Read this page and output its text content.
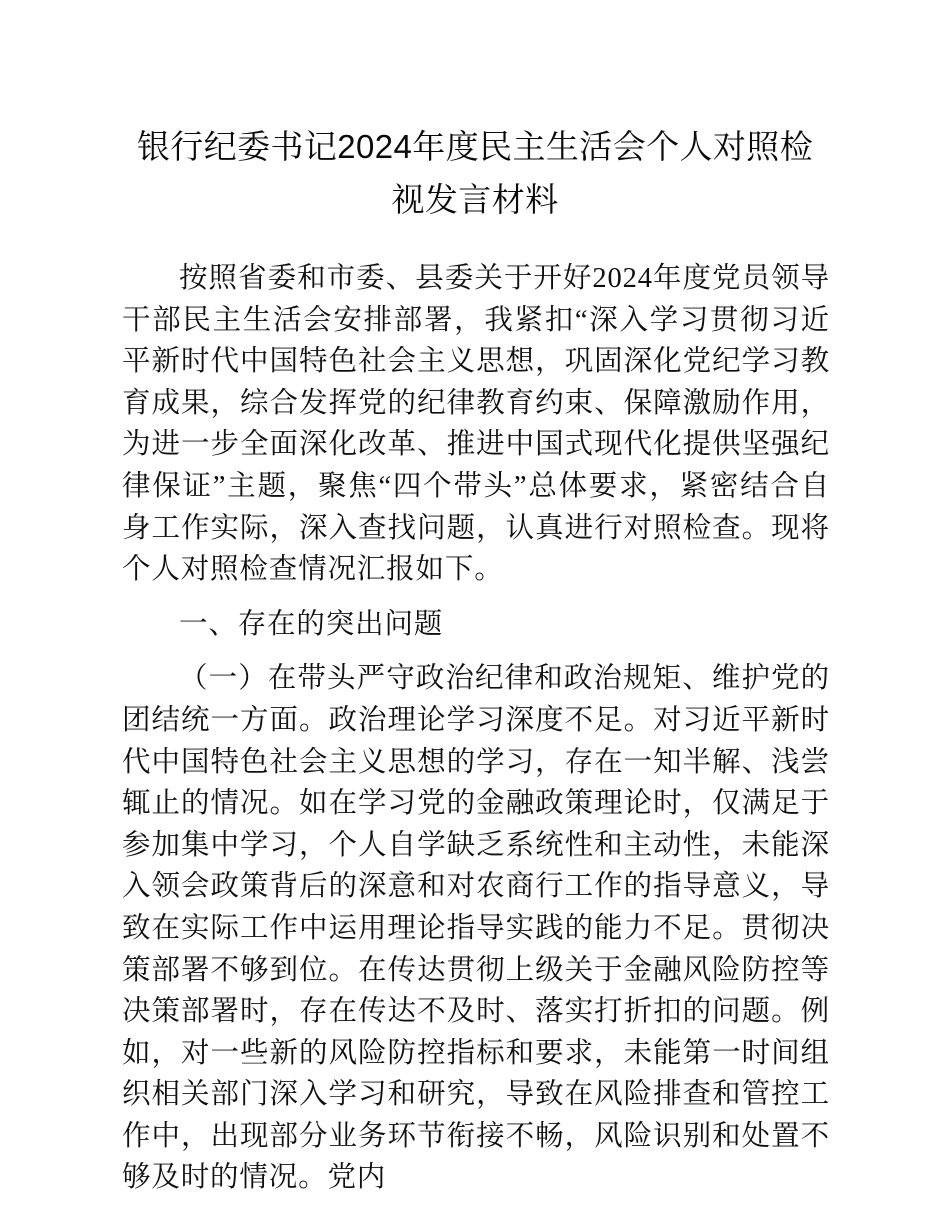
银行纪委书记2024年度民主生活会个人对照检视发言材料

按照省委和市委、县委关于开好2024年度党员领导干部民主生活会安排部署，我紧扣“深入学习贯彻习近平新时代中国特色社会主义思想，巩固深化党纪学习教育成果，综合发挥党的纪律教育约束、保障激励作用，为进一步全面深化改革、推进中国式现代化提供坚强纪律保证”主题，聚焦“四个带头”总体要求，紧密结合自身工作实际，深入查找问题，认真进行对照检查。现将个人对照检查情况汇报如下。

一、存在的突出问题

（一）在带头严守政治纪律和政治规矩、维护党的团结统一方面。政治理论学习深度不足。对习近平新时代中国特色社会主义思想的学习，存在一知半解、浅尝辄止的情况。如在学习党的金融政策理论时，仅满足于参加集中学习，个人自学缺乏系统性和主动性，未能深入领会政策背后的深意和对农商行工作的指导意义，导致在实际工作中运用理论指导实践的能力不足。贯彻决策部署不够到位。在传达贯彻上级关于金融风险防控等决策部署时，存在传达不及时、落实打折扣的问题。例如，对一些新的风险防控指标和要求，未能第一时间组织相关部门深入学习和研究，导致在风险排查和管控工作中，出现部分业务环节衔接不畅，风险识别和处置不够及时的情况。党内
